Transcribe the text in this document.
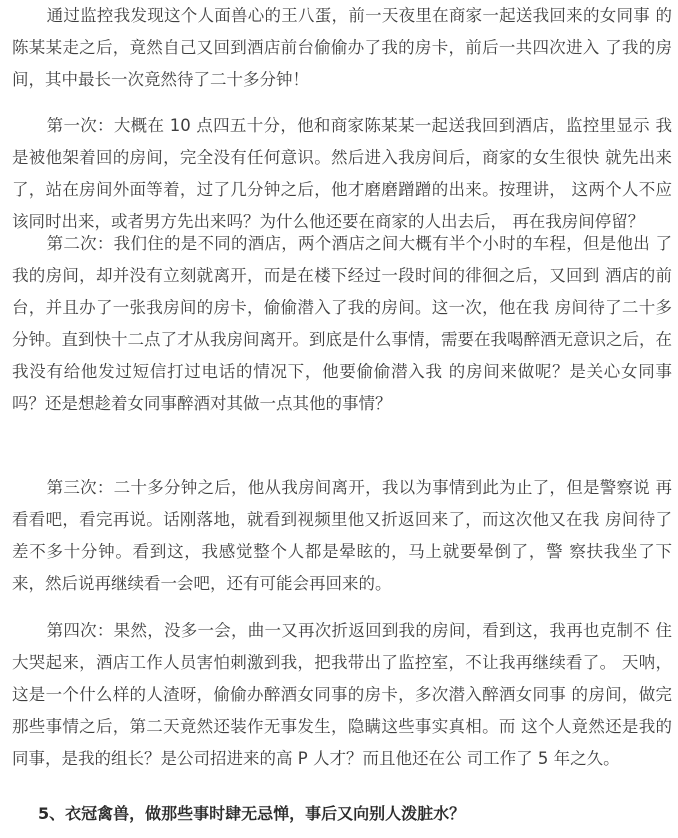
通过监控我发现这个人面兽心的王八蛋，前一天夜里在商家一起送我回来的女同事 的陈某某走之后，竟然自己又回到酒店前台偷偷办了我的房卡，前后一共四次进入 了我的房间，其中最长一次竟然待了二十多分钟！

第一次：大概在 10 点四五十分，他和商家陈某某一起送我回到酒店，监控里显示 我是被他架着回的房间，完全没有任何意识。然后进入我房间后，商家的女生很快 就先出来了，站在房间外面等着，过了几分钟之后，他才磨磨蹭蹭的出来。按理讲， 这两个人不应该同时出来，或者男方先出来吗？为什么他还要在商家的人出去后， 再在我房间停留？

第二次：我们住的是不同的酒店，两个酒店之间大概有半个小时的车程，但是他出 了我的房间，却并没有立刻就离开，而是在楼下经过一段时间的徘徊之后，又回到 酒店的前台，并且办了一张我房间的房卡，偷偷潜入了我的房间。这一次，他在我 房间待了二十多分钟。直到快十二点了才从我房间离开。到底是什么事情，需要在我喝醉酒无意识之后，在我没有给他发过短信打过电话的情况下，他要偷偷潜入我 的房间来做呢？是关心女同事吗？还是想趁着女同事醉酒对其做一点其他的事情？

第三次：二十多分钟之后，他从我房间离开，我以为事情到此为止了，但是警察说 再看看吧，看完再说。话刚落地，就看到视频里他又折返回来了，而这次他又在我 房间待了差不多十分钟。看到这，我感觉整个人都是晕眩的，马上就要晕倒了，警 察扶我坐了下来，然后说再继续看一会吧，还有可能会再回来的。

第四次：果然，没多一会，曲一又再次折返回到我的房间，看到这，我再也克制不 住大哭起来，酒店工作人员害怕刺激到我，把我带出了监控室，不让我再继续看了。 天呐，这是一个什么样的人渣呀，偷偷办醉酒女同事的房卡，多次潜入醉酒女同事 的房间，做完那些事情之后，第二天竟然还装作无事发生，隐瞒这些事实真相。而 这个人竟然还是我的同事，是我的组长？是公司招进来的高 P 人才？而且他还在公 司工作了 5 年之久。

5、衣冠禽兽，做那些事时肆无忌惮，事后又向别人泼脏水？
